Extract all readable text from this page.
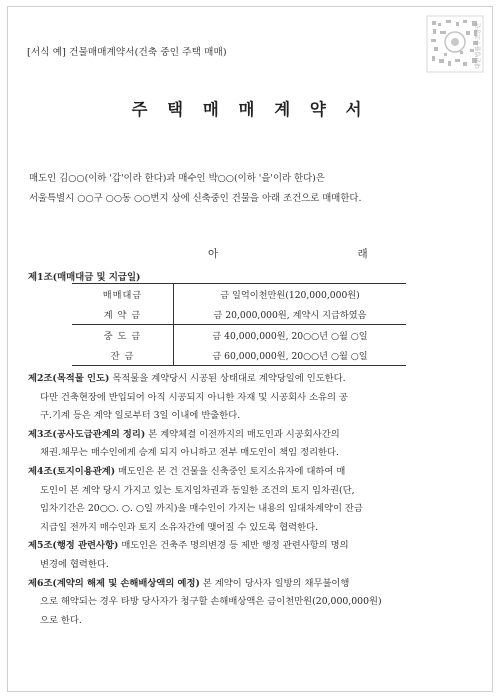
[서식 예] 건물매매계약서(건축 중인 주택 매매)	대한법률구조공단
주 택 매 매 계 약 서

매도인 김○○(이하 '갑'이라 한다)과 매수인 박○○(이하 '을'이라 한다)은

서울특별시 ○○구 ○○동 ○○번지 상에 신축중인 건물을 아래 조건으로 매매한다.

아 래
제1조(매매대금 및 지급일)
매매대금	금 일억이천만원(120,000,000원)
계 약 금	금 20,000,000원, 계약시 지급하였음
중 도 금	금 40,000,000원, 20○○년 ○월 ○일
잔 금	금 60,000,000원, 20○○년 ○월 ○일

제2조(목적물 인도) 목적물을 계약당시 시공된 상태대로 계약당일에 인도한다.
다만 건축현장에 반입되어 아직 시공되지 아니한 자재 및 시공회사 소유의 공
구.기계 등은 계약 일로부터 3일 이내에 반출한다.

제3조(공사도급관계의 정리) 본 계약체결 이전까지의 매도인과 시공회사간의
채권.채무는 매수인에게 승계 되지 아니하고 전부 매도인이 책임 정리한다.

제4조(토지이용관계) 매도인은 본 건 건물을 신축중인 토지소유자에 대하여 매
도인이 본 계약 당시 가지고 있는 토지임차권과 동일한 조건의 토지 임차권(단,
임차기간은 20○○. ○. ○일 까지)을 매수인이 가지는 내용의 임대차계약이 잔금
지급일 전까지 매수인과 토지 소유자간에 맺어질 수 있도록 협력한다.

제5조(행정 관련사항) 매도인은 건축주 명의변경 등 제반 행정 관련사항의 명의
변경에 협력한다.

제6조(계약의 해제 및 손해배상액의 예정) 본 계약이 당사자 일방의 채무불이행
으로 해약되는 경우 타방 당사자가 청구할 손해배상액은 금이천만원(20,000,000원)
으로 한다.
